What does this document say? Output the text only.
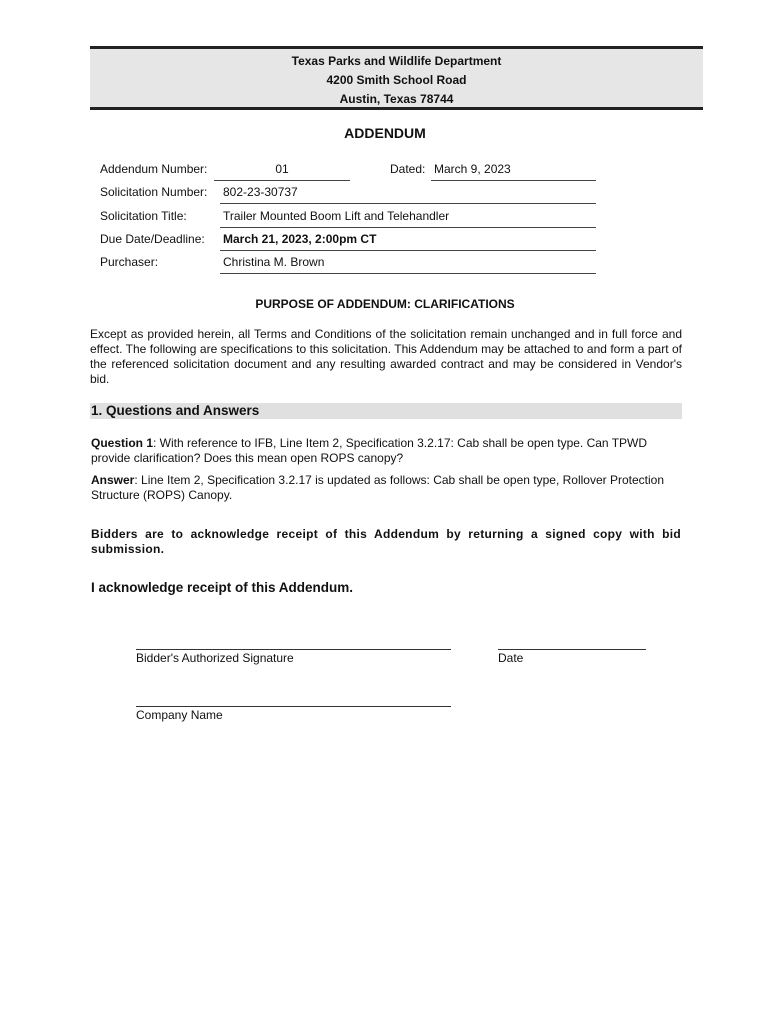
Texas Parks and Wildlife Department
4200 Smith School Road
Austin, Texas 78744
ADDENDUM
Addendum Number:	01	Dated: March 9, 2023
Solicitation Number: 802-23-30737
Solicitation Title:	Trailer Mounted Boom Lift and Telehandler
Due Date/Deadline: March 21, 2023, 2:00pm CT
Purchaser:	Christina M. Brown
PURPOSE OF ADDENDUM: CLARIFICATIONS
Except as provided herein, all Terms and Conditions of the solicitation remain unchanged and in full force and effect. The following are specifications to this solicitation. This Addendum may be attached to and form a part of the referenced solicitation document and any resulting awarded contract and may be considered in Vendor's bid.
1. Questions and Answers
Question 1: With reference to IFB, Line Item 2, Specification 3.2.17: Cab shall be open type. Can TPWD provide clarification? Does this mean open ROPS canopy?
Answer: Line Item 2, Specification 3.2.17 is updated as follows: Cab shall be open type, Rollover Protection Structure (ROPS) Canopy.
Bidders are to acknowledge receipt of this Addendum by returning a signed copy with bid submission.
I acknowledge receipt of this Addendum.
Bidder's Authorized Signature	Date
Company Name
